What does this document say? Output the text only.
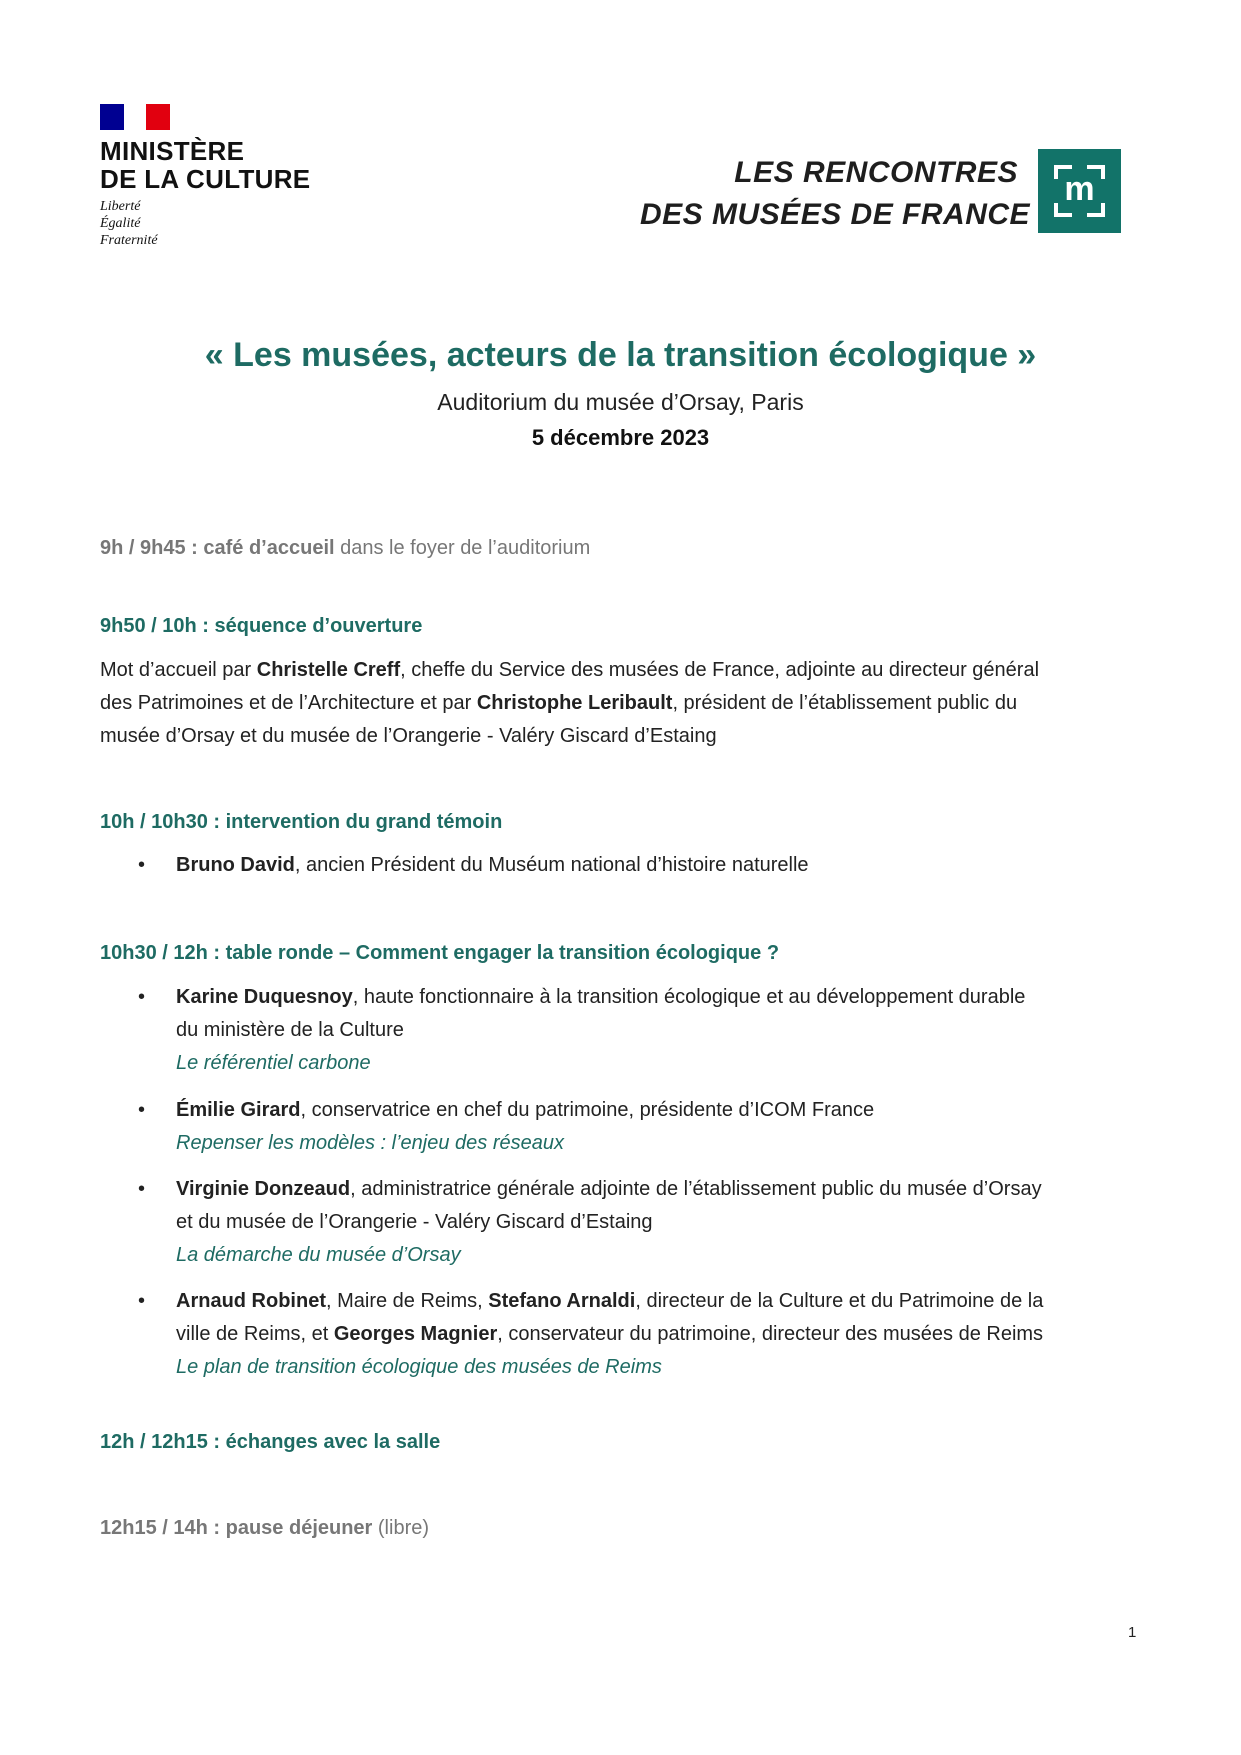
MINISTÈRE
DE LA CULTURE
Liberté
Égalité
Fraternité
LES RENCONTRES
DES MUSÉES DE FRANCE
m
« Les musées, acteurs de la transition écologique »
Auditorium du musée d’Orsay, Paris
5 décembre 2023
9h / 9h45 : café d’accueil dans le foyer de l’auditorium
9h50 / 10h : séquence d’ouverture
Mot d’accueil par Christelle Creff, cheffe du Service des musées de France, adjointe au directeur général
des Patrimoines et de l’Architecture et par Christophe Leribault, président de l’établissement public du
musée d’Orsay et du musée de l’Orangerie - Valéry Giscard d’Estaing
10h / 10h30 : intervention du grand témoin
• Bruno David, ancien Président du Muséum national d’histoire naturelle
10h30 / 12h : table ronde – Comment engager la transition écologique ?
• Karine Duquesnoy, haute fonctionnaire à la transition écologique et au développement durable
du ministère de la Culture
Le référentiel carbone
• Émilie Girard, conservatrice en chef du patrimoine, présidente d’ICOM France
Repenser les modèles : l’enjeu des réseaux
• Virginie Donzeaud, administratrice générale adjointe de l’établissement public du musée d’Orsay
et du musée de l’Orangerie - Valéry Giscard d’Estaing
La démarche du musée d’Orsay
• Arnaud Robinet, Maire de Reims, Stefano Arnaldi, directeur de la Culture et du Patrimoine de la
ville de Reims, et Georges Magnier, conservateur du patrimoine, directeur des musées de Reims
Le plan de transition écologique des musées de Reims
12h / 12h15 : échanges avec la salle
12h15 / 14h : pause déjeuner (libre)
1
